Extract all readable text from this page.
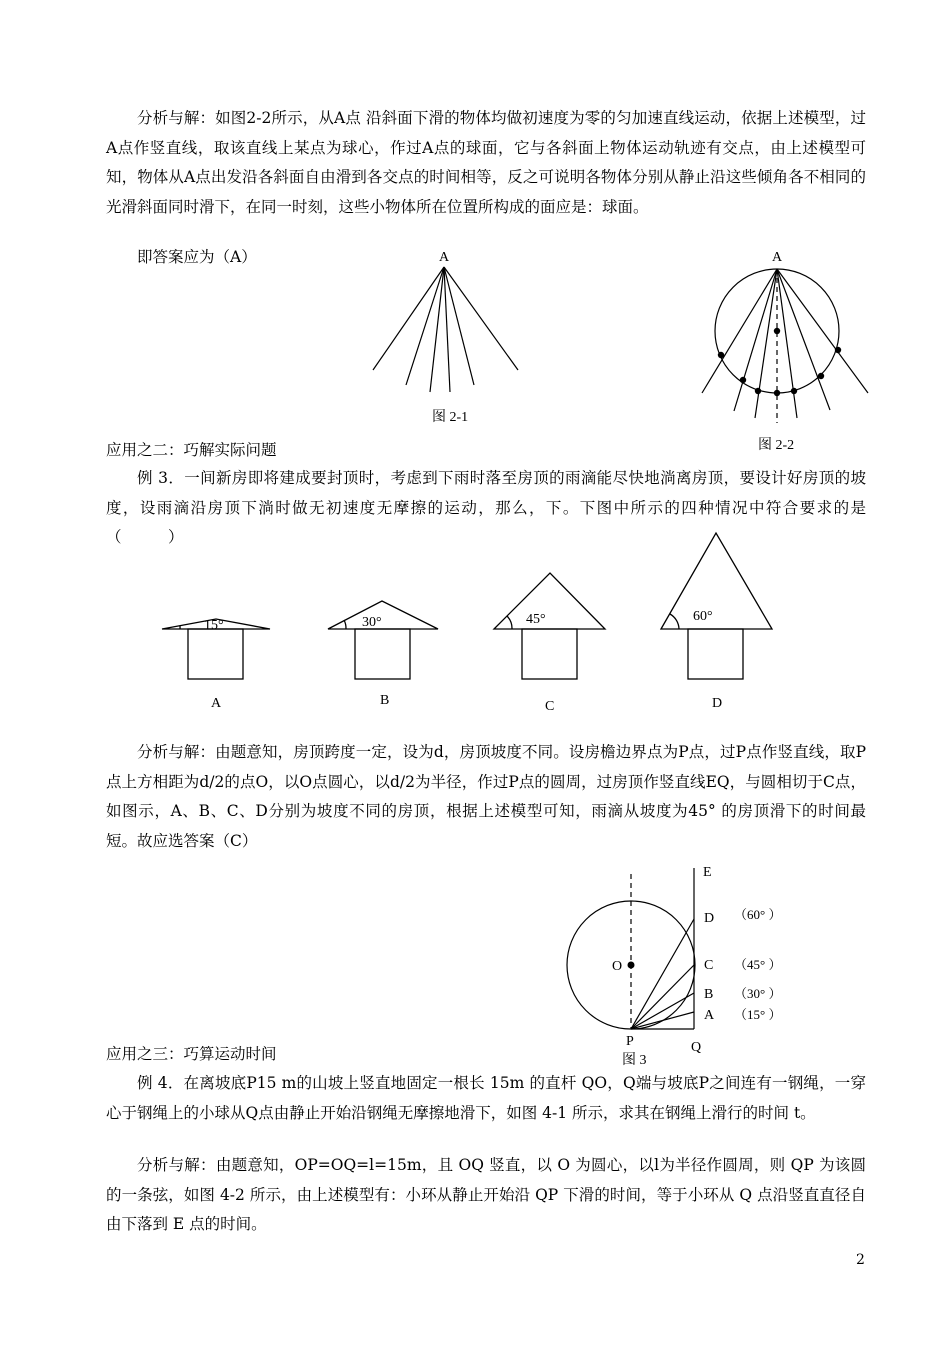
分析与解：如图2-2所示，从A点 沿斜面下滑的物体均做初速度为零的匀加速直线运动，依据上述模型，过A点作竖直线，取该直线上某点为球心，作过A点的球面，它与各斜面上物体运动轨迹有交点，由上述模型可知，物体从A点出发沿各斜面自由滑到各交点的时间相等，反之可说明各物体分别从静止沿这些倾角各不相同的光滑斜面同时滑下，在同一时刻，这些小物体所在位置所构成的面应是：球面。
即答案应为（A）	A
图 2-1
A
图 2-2
应用之二：巧解实际问题
例 3．一间新房即将建成要封顶时，考虑到下雨时落至房顶的雨滴能尽快地淌离房顶，要设计好房顶的坡度，设雨滴沿房顶下淌时做无初速度无摩擦的运动，那么，下。下图中所示的四种情况中符合要求的是（　　　）
15°	30°	45°	60°
A	B	C	D
分析与解：由题意知，房顶跨度一定，设为d，房顶坡度不同。设房檐边界点为P点，过P点作竖直线，取P点上方相距为d/2的点O，以O点圆心，以d/2为半径，作过P点的圆周，过房顶作竖直线EQ，与圆相切于C点，如图示，A、B、C、D分别为坡度不同的房顶，根据上述模型可知，雨滴从坡度为45° 的房顶滑下的时间最短。故应选答案（C）
E
D
C
B
A
O
P	Q
（60° ）
（45° ）
（30° ）
（15° ）
图 3
应用之三：巧算运动时间
例 4．在离坡底P15 m的山坡上竖直地固定一根长 15m 的直杆 QO，Q端与坡底P之间连有一钢绳，一穿心于钢绳上的小球从Q点由静止开始沿钢绳无摩擦地滑下，如图 4-1 所示，求其在钢绳上滑行的时间 t。
分析与解：由题意知，OP=OQ=l=15m，且 OQ 竖直，以 O 为圆心，以l为半径作圆周，则 QP 为该圆的一条弦，如图 4-2 所示，由上述模型有：小环从静止开始沿 QP 下滑的时间，等于小环从 Q 点沿竖直直径自由下落到 E 点的时间。
2
